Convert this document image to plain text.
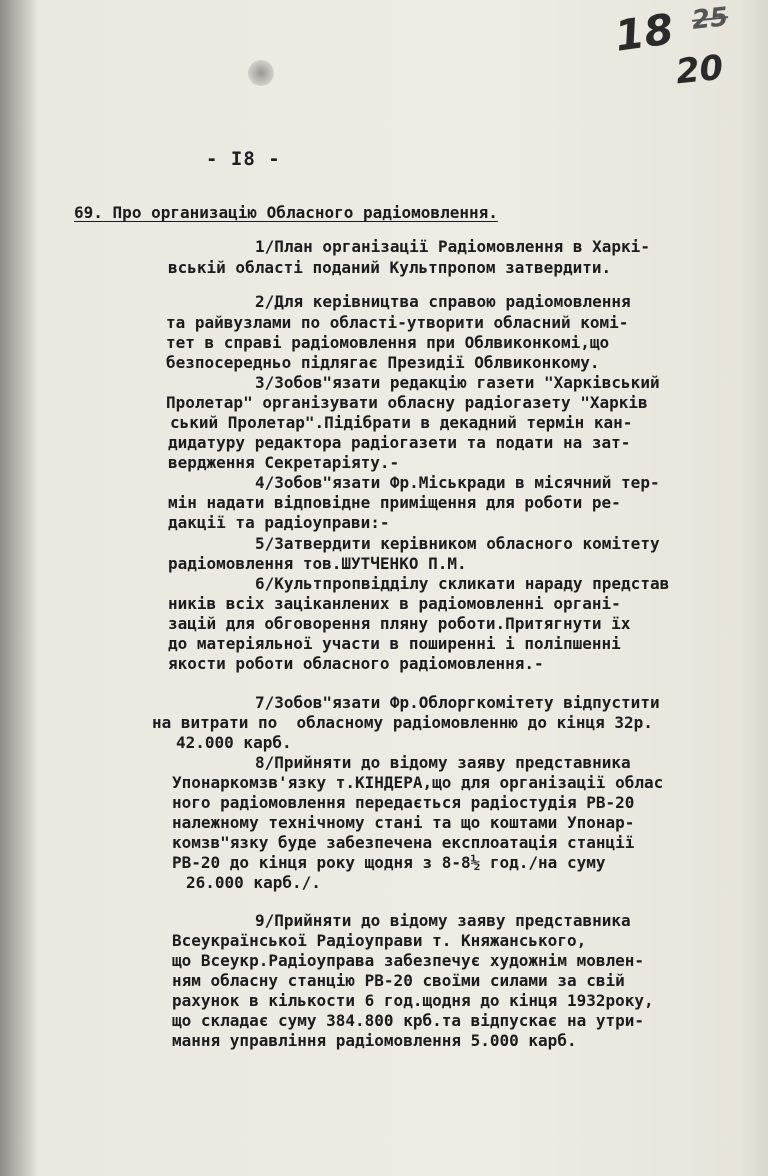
18 25
20
- I8 -
69. Про организацію Обласного радіомовлення.
1/План організації Радіомовлення в Харкі-
вській області поданий Культпропом затвердити.
2/Для керівництва справою радіомовлення
та райвузлами по області-утворити обласний комі-
тет в справі радіомовлення при Облвиконкомі,що
безпосередньо підлягає Президії Облвиконкому.
3/Зобов"язати редакцію газети "Харківський
Пролетар" організувати обласну радіогазету "Харків
ський Пролетар".Підібрати в декадний термін кан-
дидатуру редактора радіогазети та подати на зат-
вердження Секретаріяту.-
4/Зобов"язати Фр.Міськради в місячний тер-
мін надати відповідне приміщення для роботи ре-
дакції та радіоуправи:-
5/Затвердити керівником обласного комітету
радіомовлення тов.ШУТЧЕНКО П.М.
6/Культпропвідділу скликати нараду представ
ників всіх заціканлених в радіомовленні органі-
зацій для обговорення пляну роботи.Притягнути їх
до матеріяльної участи в поширенні і поліпшенні
якости роботи обласного радіомовлення.-
7/Зобов"язати Фр.Облоргкомітету відпустити
на витрати по  обласному радіомовленню до кінця 32р.
42.000 карб.
8/Прийняти до відому заяву представника
Упонаркомзв'язку т.КІНДЕРА,що для організації облас
ного радіомовлення передається радіостудія РВ-20
належному технічному стані та що коштами Упонар-
комзв"язку буде забезпечена експлоатація станції
РВ-20 до кінця року щодня з 8-8½ год./на суму
26.000 карб./.
9/Прийняти до відому заяву представника
Всеукраїнської Радіоуправи т. Княжанського,
що Всеукр.Радіоуправа забезпечує художнім мовлен-
ням обласну станцію РВ-20 своїми силами за свій
рахунок в кількости 6 год.щодня до кінця 1932року,
що складає суму 384.800 крб.та відпускає на утри-
мання управління радіомовлення 5.000 карб.
